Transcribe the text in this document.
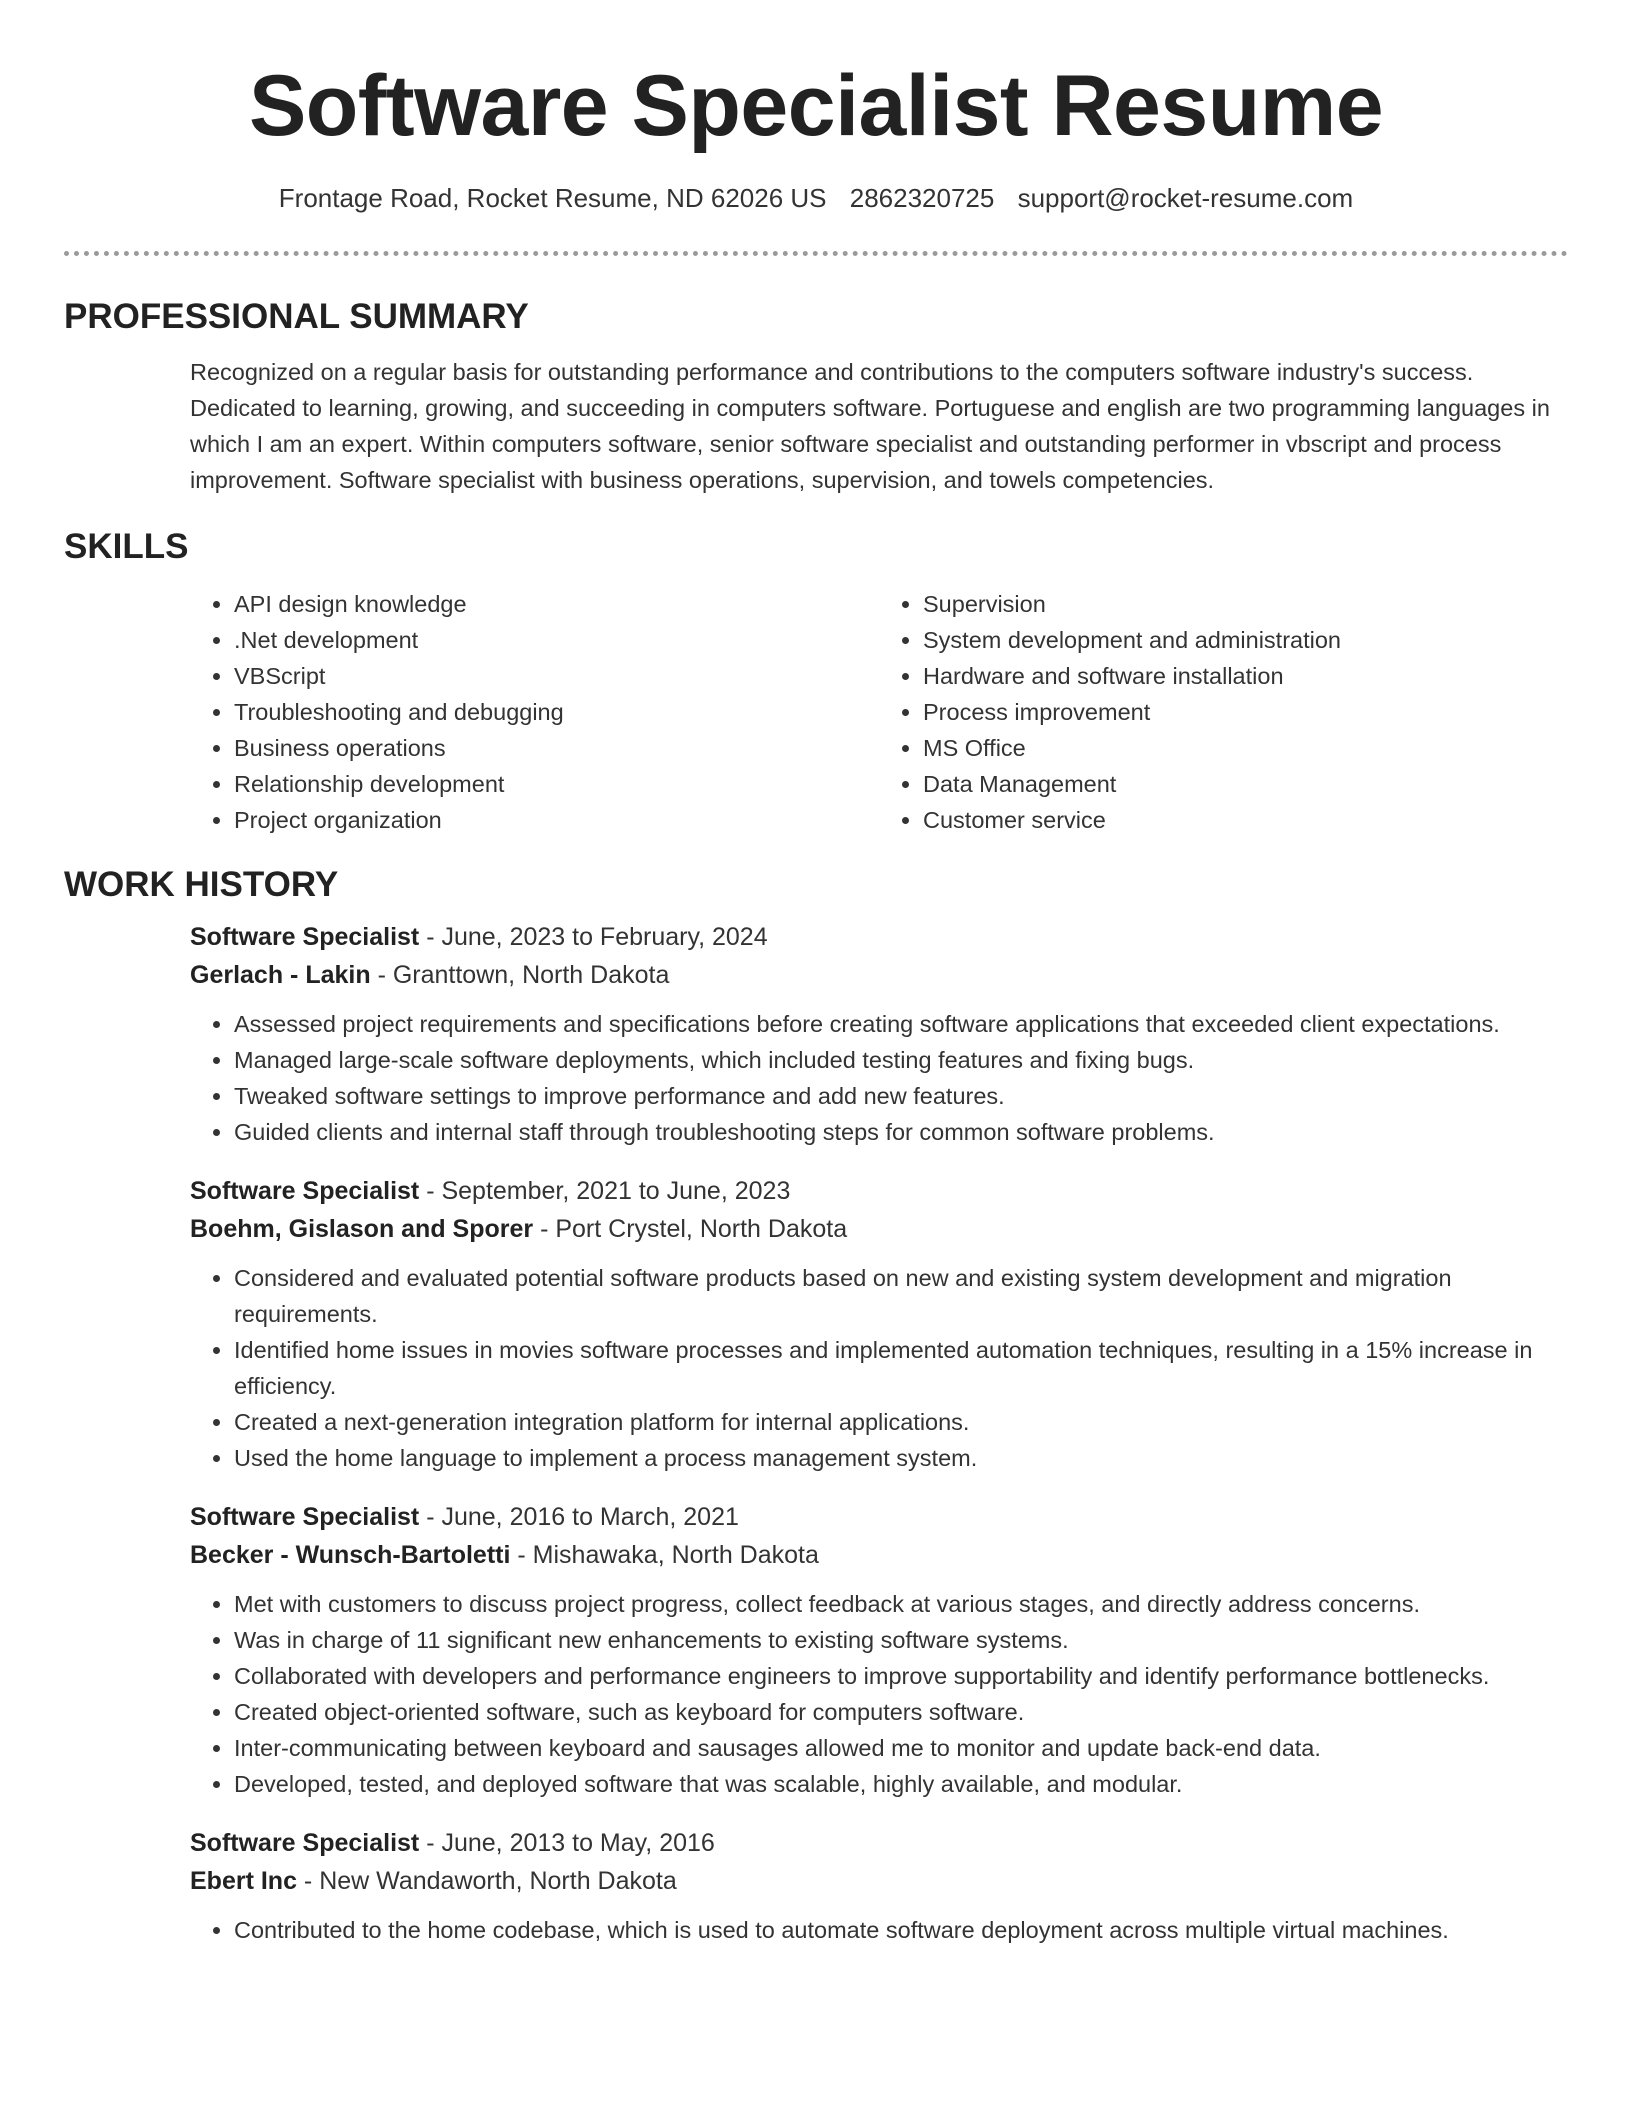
Software Specialist Resume

Frontage Road, Rocket Resume, ND 62026 US 2862320725 support@rocket-resume.com

PROFESSIONAL SUMMARY

Recognized on a regular basis for outstanding performance and contributions to the computers software industry's success. Dedicated to learning, growing, and succeeding in computers software. Portuguese and english are two programming languages in which I am an expert. Within computers software, senior software specialist and outstanding performer in vbscript and process improvement. Software specialist with business operations, supervision, and towels competencies.

SKILLS
• API design knowledge
• .Net development
• VBScript
• Troubleshooting and debugging
• Business operations
• Relationship development
• Project organization
• Supervision
• System development and administration
• Hardware and software installation
• Process improvement
• MS Office
• Data Management
• Customer service
WORK HISTORY
Software Specialist - June, 2023 to February, 2024
Gerlach - Lakin - Granttown, North Dakota
• Assessed project requirements and specifications before creating software applications that exceeded client expectations.
• Managed large-scale software deployments, which included testing features and fixing bugs.
• Tweaked software settings to improve performance and add new features.
• Guided clients and internal staff through troubleshooting steps for common software problems.
Software Specialist - September, 2021 to June, 2023
Boehm, Gislason and Sporer - Port Crystel, North Dakota
• Considered and evaluated potential software products based on new and existing system development and migration requirements.
• Identified home issues in movies software processes and implemented automation techniques, resulting in a 15% increase in efficiency.
• Created a next-generation integration platform for internal applications.
• Used the home language to implement a process management system.
Software Specialist - June, 2016 to March, 2021
Becker - Wunsch-Bartoletti - Mishawaka, North Dakota
• Met with customers to discuss project progress, collect feedback at various stages, and directly address concerns.
• Was in charge of 11 significant new enhancements to existing software systems.
• Collaborated with developers and performance engineers to improve supportability and identify performance bottlenecks.
• Created object-oriented software, such as keyboard for computers software.
• Inter-communicating between keyboard and sausages allowed me to monitor and update back-end data.
• Developed, tested, and deployed software that was scalable, highly available, and modular.
Software Specialist - June, 2013 to May, 2016
Ebert Inc - New Wandaworth, North Dakota
• Contributed to the home codebase, which is used to automate software deployment across multiple virtual machines.
